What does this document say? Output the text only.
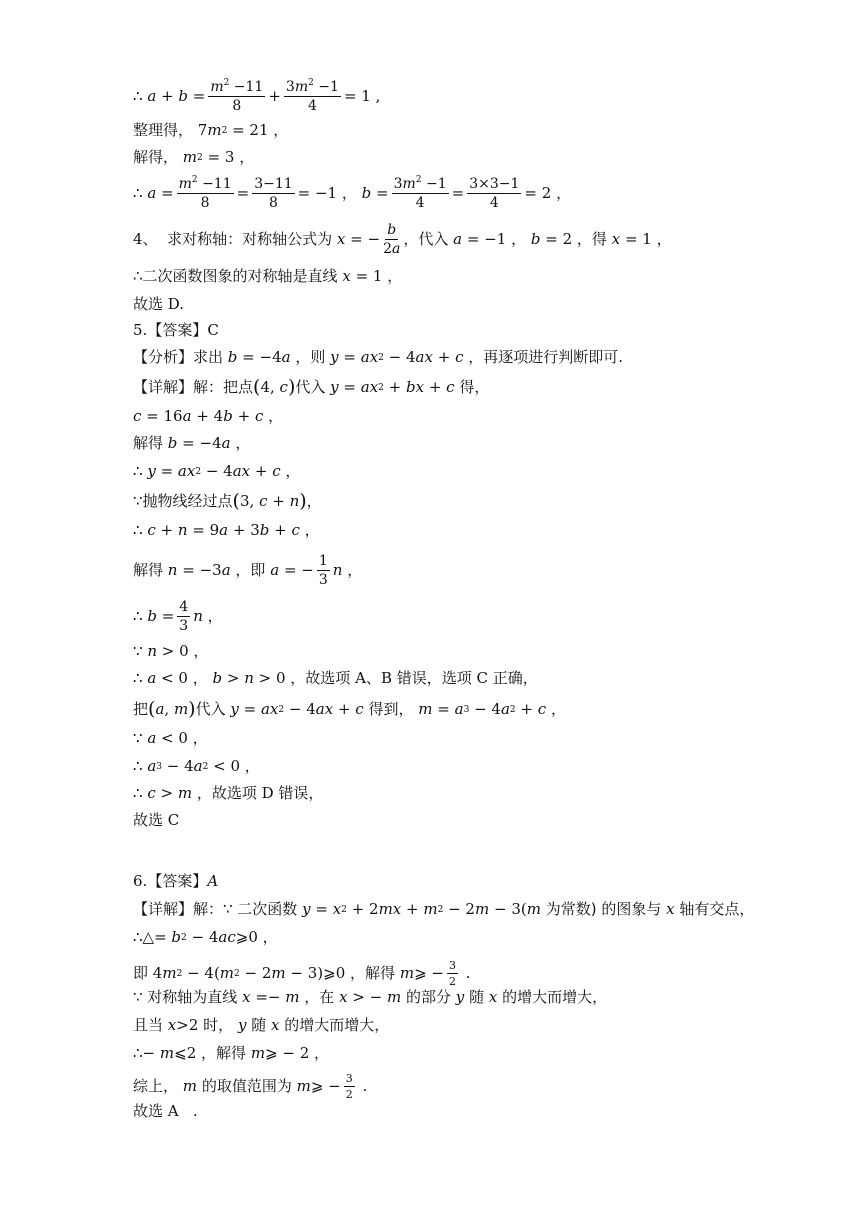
∴ $a + b = \frac{m^2 -11}{8} + \frac{3m^2 -1}{4} = 1$ ,
整理得， 7 m 2 = 21 ，
解得，
m 2 = 3 ，
∴ $a = \frac{m^2 -11}{8} = \frac{3-11}{8} = -1$ ，
$b = \frac{3m^2 -1}{4} = \frac{3\times 3-1}{4} = 2$ ，
4、 求对称轴：对称轴公式为 x = − $\frac{b}{2a}$ ，代入
a = −1 ，
b = 2 ，得
x = 1 ，
∴二次函数图象的对称轴是直线
x = 1 ，
故选 D.
5. 【答案】 C
【分析】求出
b = −4 a
，则
y = ax 2 − 4 ax + c
，再逐项进行判断即可.
【详解】解：把点 ( 4, c ) 代入
y = ax 2 + bx + c
得，
c = 16 a + 4 b + c
，
解得
b = −4 a
，
∴ y = ax 2 − 4 ax + c
，
∵抛物线经过点 ( 3, c + n ) ，
∴ c + n = 9 a + 3 b + c
，
解得
n = −3 a
，即
a = − $\frac{1}{3}$ n
，
∴ $b = \frac{4}{3}$ n
，
∵ n > 0 ，
∴ a < 0 ，
b > n > 0 ，故选项 A 、 B 错误，选项 C 正确，
把 ( a , m ) 代入
y = ax 2 − 4 ax + c
得到，
m = a 3 − 4 a 2 + c
，
∵ a < 0 ，
∴ a 3 − 4 a 2 < 0 ，
∴ c > m
，故选项 D 错误，
故选 C
6. 【答案】 A
【详解】解：∵ 二次函数
y = x 2 + 2 mx + m 2 − 2 m − 3( m
为常数) 的图象与
x
轴有交点，
∴△= b 2 − 4 ac ⩾0 ，
即 4 m 2 − 4( m 2 − 2 m − 3)⩾0 ，解得
m ⩾ − $\frac{3}{2}$ .
∵ 对称轴为直线
x =− m
，在
x > − m
的部分
y
随
x
的增大而增大，
且当
x >2 时，
y
随
x
的增大而增大，
∴− m ⩽2 ，解得
m ⩾ − 2 ，
综上，
m
的取值范围为
m ⩾ − $\frac{3}{2}$ .
故选 A   .
